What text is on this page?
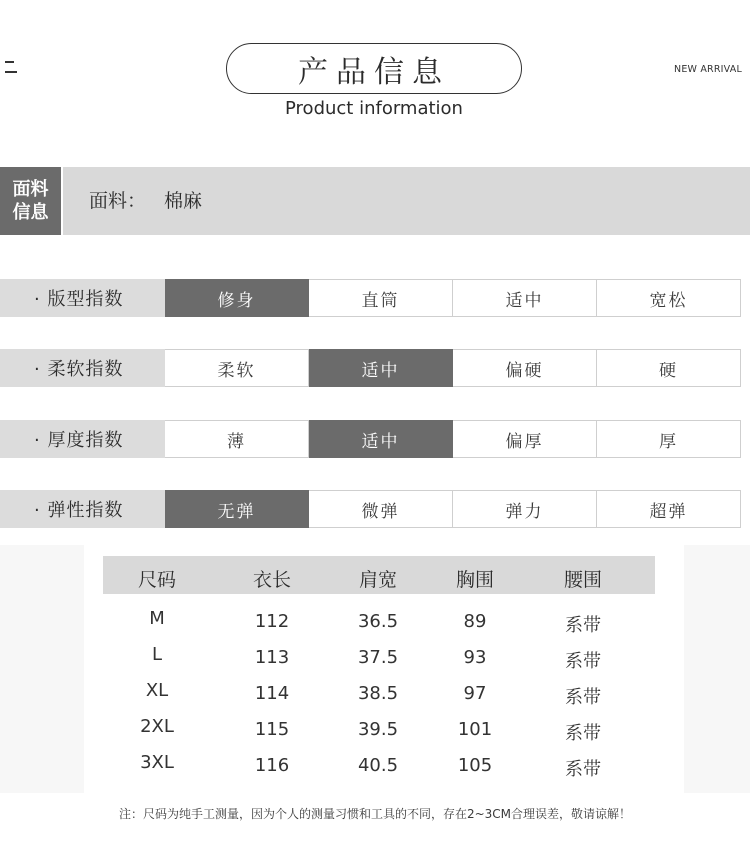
产品信息
Product information
NEW ARRIVAL
面料
信息
面料： 棉麻
· 版型指数	修身	直筒	适中	宽松
· 柔软指数	柔软	适中	偏硬	硬
· 厚度指数	薄	适中	偏厚	厚
· 弹性指数	无弹	微弹	弹力	超弹
尺码	衣长	肩宽	胸围	腰围
M	112	36.5	89	系带
L	113	37.5	93	系带
XL	114	38.5	97	系带
2XL	115	39.5	101	系带
3XL	116	40.5	105	系带
注：尺码为纯手工测量，因为个人的测量习惯和工具的不同，存在2~3CM合理误差，敬请谅解！
